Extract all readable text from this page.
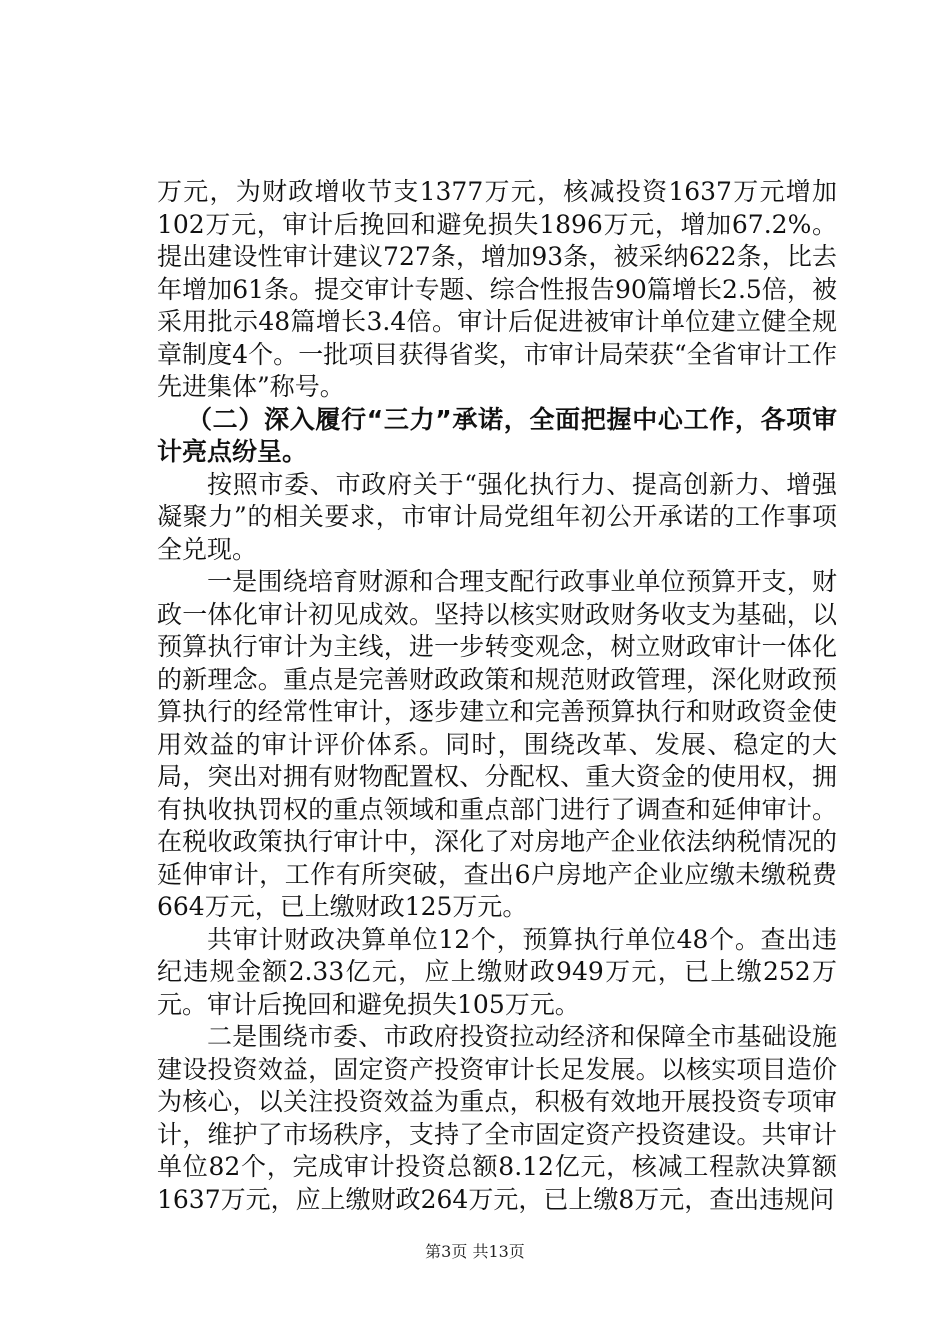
万元，为财政增收节支1377万元，核减投资1637万元增加102万元，审计后挽回和避免损失1896万元，增加67.2%。提出建设性审计建议727条，增加93条，被采纳622条，比去年增加61条。提交审计专题、综合性报告90篇增长2.5倍，被采用批示48篇增长3.4倍。审计后促进被审计单位建立健全规章制度4个。一批项目获得省奖，市审计局荣获“全省审计工作先进集体”称号。

（二）深入履行“三力”承诺，全面把握中心工作，各项审计亮点纷呈。

按照市委、市政府关于“强化执行力、提高创新力、增强凝聚力”的相关要求，市审计局党组年初公开承诺的工作事项全兑现。

一是围绕培育财源和合理支配行政事业单位预算开支，财政一体化审计初见成效。坚持以核实财政财务收支为基础，以预算执行审计为主线，进一步转变观念，树立财政审计一体化的新理念。重点是完善财政政策和规范财政管理，深化财政预算执行的经常性审计，逐步建立和完善预算执行和财政资金使用效益的审计评价体系。同时，围绕改革、发展、稳定的大局，突出对拥有财物配置权、分配权、重大资金的使用权，拥有执收执罚权的重点领域和重点部门进行了调查和延伸审计。在税收政策执行审计中，深化了对房地产企业依法纳税情况的延伸审计，工作有所突破，查出6户房地产企业应缴未缴税费664万元，已上缴财政125万元。

共审计财政决算单位12个，预算执行单位48个。查出违纪违规金额2.33亿元，应上缴财政949万元，已上缴252万元。审计后挽回和避免损失105万元。

二是围绕市委、市政府投资拉动经济和保障全市基础设施建设投资效益，固定资产投资审计长足发展。以核实项目造价为核心，以关注投资效益为重点，积极有效地开展投资专项审计，维护了市场秩序，支持了全市固定资产投资建设。共审计单位82个，完成审计投资总额8.12亿元，核减工程款决算额1637万元，应上缴财政264万元，已上缴8万元，查出违规问

第3页 共13页
